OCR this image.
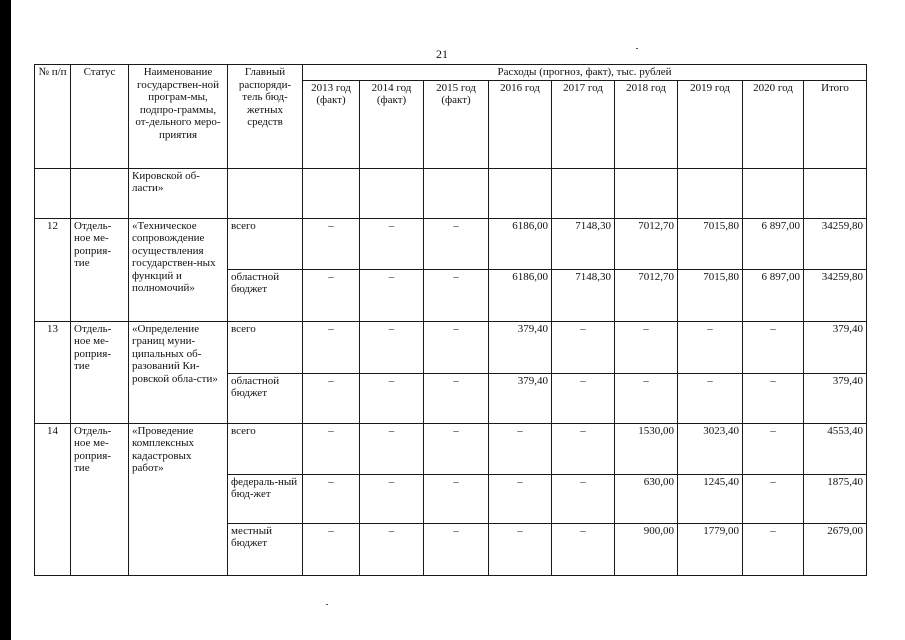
21
№ п/п	Статус	Наименование государствен-ной програм-мы, подпро-граммы, от-дельного меро-приятия	Главный распоряди-тель бюд-жетных средств	Расходы (прогноз, факт), тыс. рублей								
				2013 год (факт)	2014 год (факт)	2015 год (факт)	2016 год	2017 год	2018 год	2019 год	2020 год	Итого
		Кировской об-ласти»										
12	Отдель-ное ме-роприя-тие	«Техническое сопровождение осуществления государствен-ных функций и полномочий»	всего	–	–	–	6186,00	7148,30	7012,70	7015,80	6 897,00	34259,80
			областной бюджет	–	–	–	6186,00	7148,30	7012,70	7015,80	6 897,00	34259,80
13	Отдель-ное ме-роприя-тие	«Определение границ муни-ципальных об-разований Ки-ровской обла-сти»	всего	–	–	–	379,40	–	–	–	–	379,40
			областной бюджет	–	–	–	379,40	–	–	–	–	379,40
14	Отдель-ное ме-роприя-тие	«Проведение комплексных кадастровых работ»	всего	–	–	–	–	–	1530,00	3023,40	–	4553,40
			федераль-ный бюд-жет	–	–	–	–	–	630,00	1245,40	–	1875,40
			местный бюджет	–	–	–	–	–	900,00	1779,00	–	2679,00
